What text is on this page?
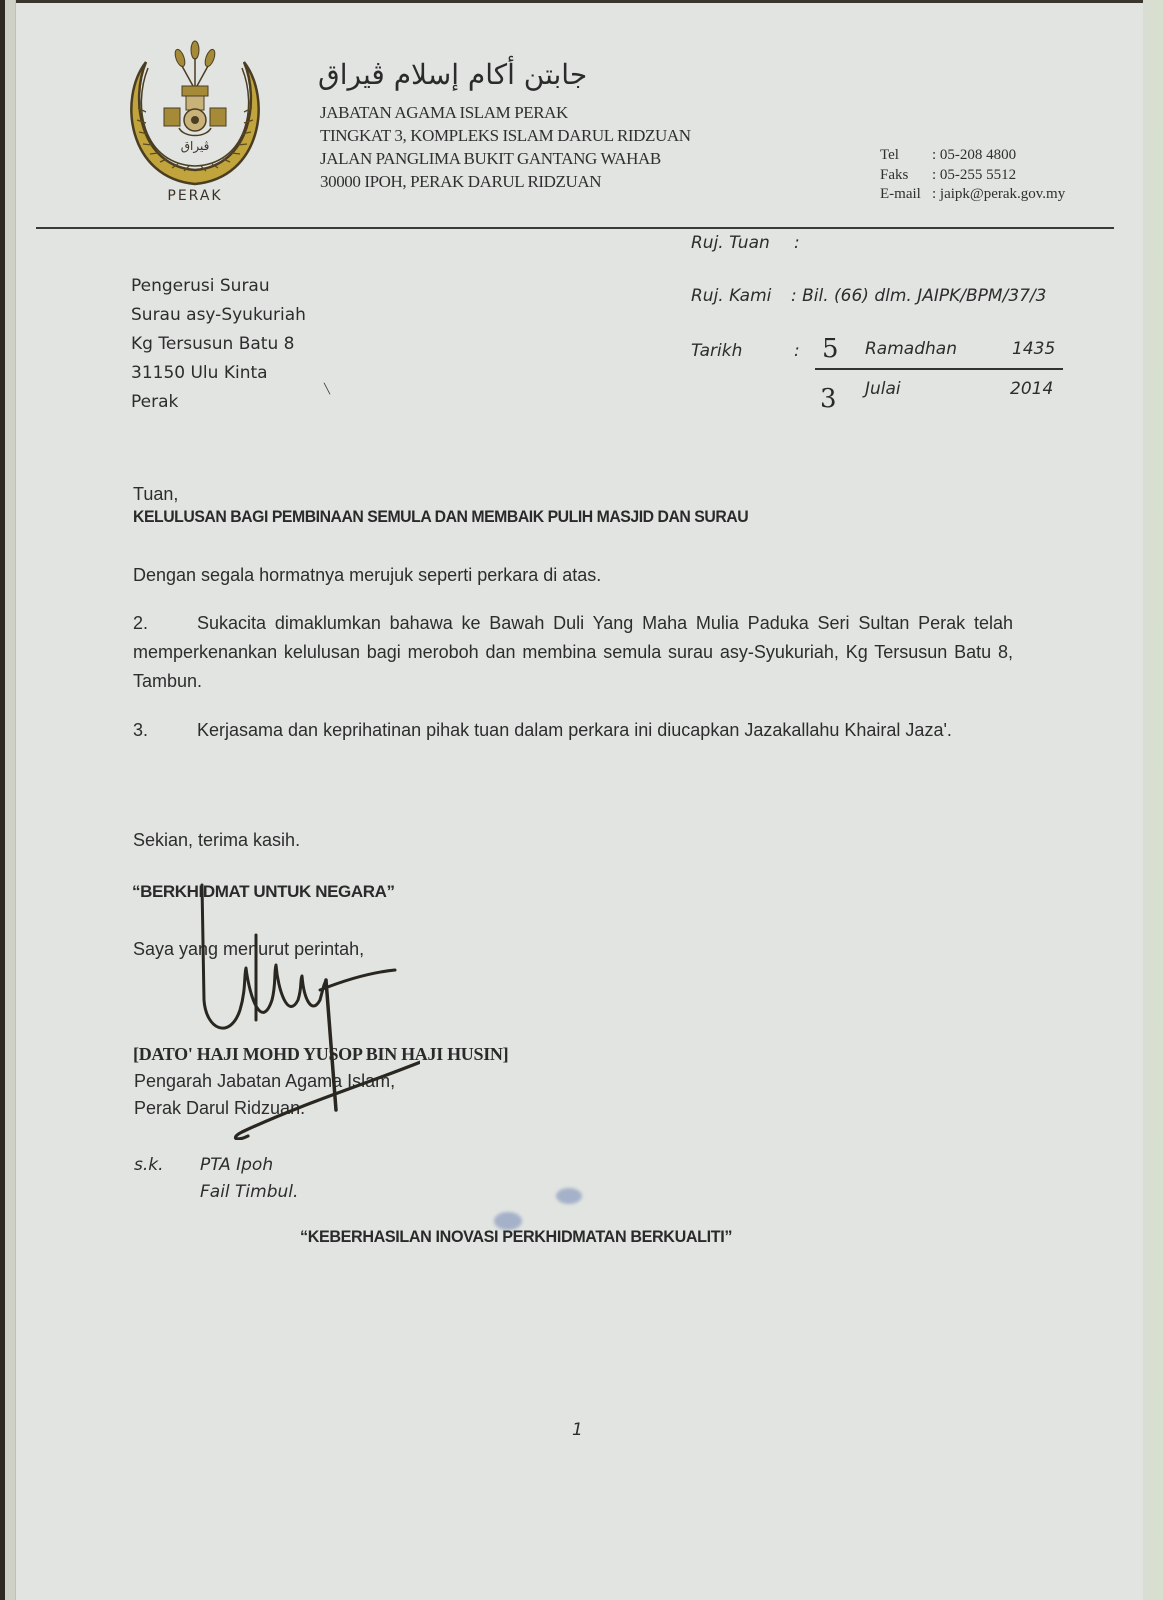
ڤيراق
PERAK
جابتن أكام إسلام ڤيراق
JABATAN AGAMA ISLAM PERAK
TINGKAT 3, KOMPLEKS ISLAM DARUL RIDZUAN
JALAN PANGLIMA BUKIT GANTANG WAHAB
30000 IPOH, PERAK DARUL RIDZUAN
Tel	: 05-208 4800
Faks	: 05-255 5512
E-mail : jaipk@perak.gov.my
Ruj. Tuan :
Ruj. Kami : Bil. (66) dlm. JAIPK/BPM/37/3
Tarikh	: 5 Ramadhan	1435
3 Julai	2014
Pengerusi Surau
Surau asy-Syukuriah
Kg Tersusun Batu 8
31150 Ulu Kinta
Perak
╲
Tuan,
KELULUSAN BAGI PEMBINAAN SEMULA DAN MEMBAIK PULIH MASJID DAN SURAU
Dengan segala hormatnya merujuk seperti perkara di atas.
2.	Sukacita dimaklumkan bahawa ke Bawah Duli Yang Maha Mulia Paduka Seri Sultan Perak telah memperkenankan kelulusan bagi meroboh dan membina semula surau asy-Syukuriah, Kg Tersusun Batu 8, Tambun.
3.	Kerjasama dan keprihatinan pihak tuan dalam perkara ini diucapkan Jazakallahu Khairal Jaza'.
Sekian, terima kasih.
“BERKHIDMAT UNTUK NEGARA”
Saya yang menurut perintah,
[DATO' HAJI MOHD YUSOP BIN HAJI HUSIN]
Pengarah Jabatan Agama Islam,
Perak Darul Ridzuan.
s.k.	PTA Ipoh
Fail Timbul.
“KEBERHASILAN INOVASI PERKHIDMATAN BERKUALITI”
1
